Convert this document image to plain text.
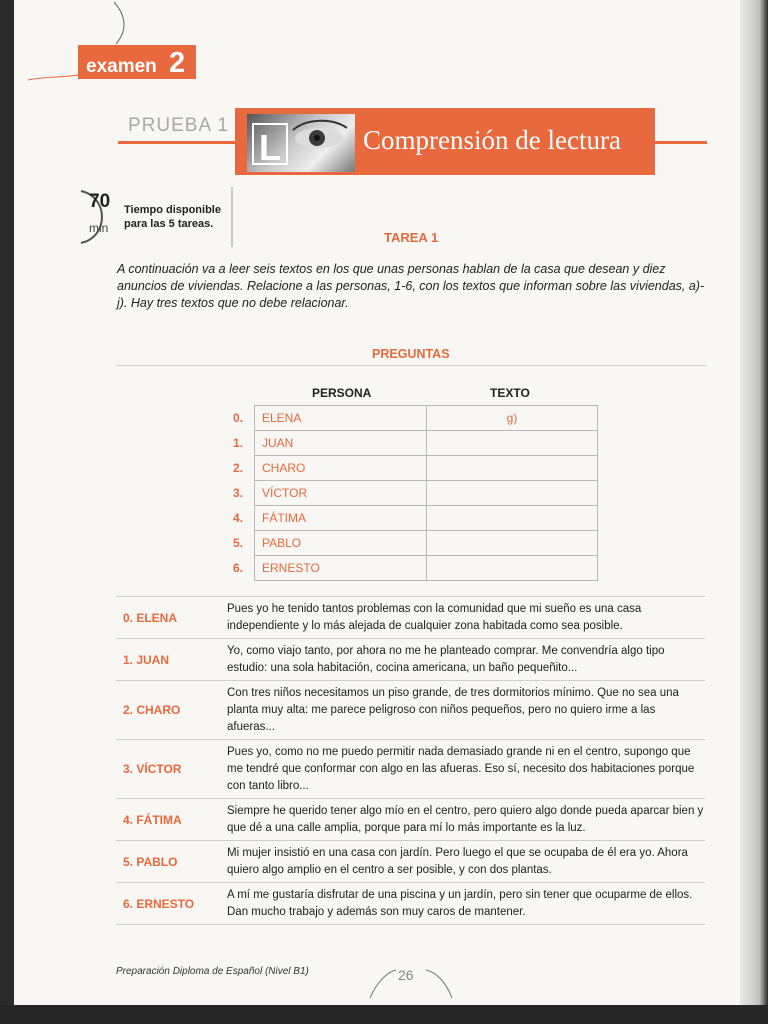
examen 2
PRUEBA 1
L	Comprensión de lectura
70
min
Tiempo disponible
para las 5 tareas.
TAREA 1
A continuación va a leer seis textos en los que unas personas hablan de la casa que desean y diez anuncios de viviendas. Relacione a las personas, 1-6, con los textos que informan sobre las viviendas, a)-j). Hay tres textos que no debe relacionar.
PREGUNTAS
PERSONA	TEXTO
0.	ELENA	g)
1.	JUAN	
2.	CHARO	
3.	VÍCTOR	
4.	FÁTIMA	
5.	PABLO	
6.	ERNESTO	
0. ELENA
Pues yo he tenido tantos problemas con la comunidad que mi sueño es una casa independiente y lo más alejada de cualquier zona habitada como sea posible.
1. JUAN
Yo, como viajo tanto, por ahora no me he planteado comprar. Me convendría algo tipo estudio: una sola habitación, cocina americana, un baño pequeñito...
2. CHARO
Con tres niños necesitamos un piso grande, de tres dormitorios mínimo. Que no sea una planta muy alta: me parece peligroso con niños pequeños, pero no quiero irme a las afueras...
3. VÍCTOR
Pues yo, como no me puedo permitir nada demasiado grande ni en el centro, supongo que me tendré que conformar con algo en las afueras. Eso sí, necesito dos habitaciones porque con tanto libro...
4. FÁTIMA
Siempre he querido tener algo mío en el centro, pero quiero algo donde pueda aparcar bien y que dé a una calle amplia, porque para mí lo más importante es la luz.
5. PABLO
Mi mujer insistió en una casa con jardín. Pero luego el que se ocupaba de él era yo. Ahora quiero algo amplio en el centro a ser posible, y con dos plantas.
6. ERNESTO
A mí me gustaría disfrutar de una piscina y un jardín, pero sin tener que ocuparme de ellos. Dan mucho trabajo y además son muy caros de mantener.
Preparación Diploma de Español (Nivel B1)	26
